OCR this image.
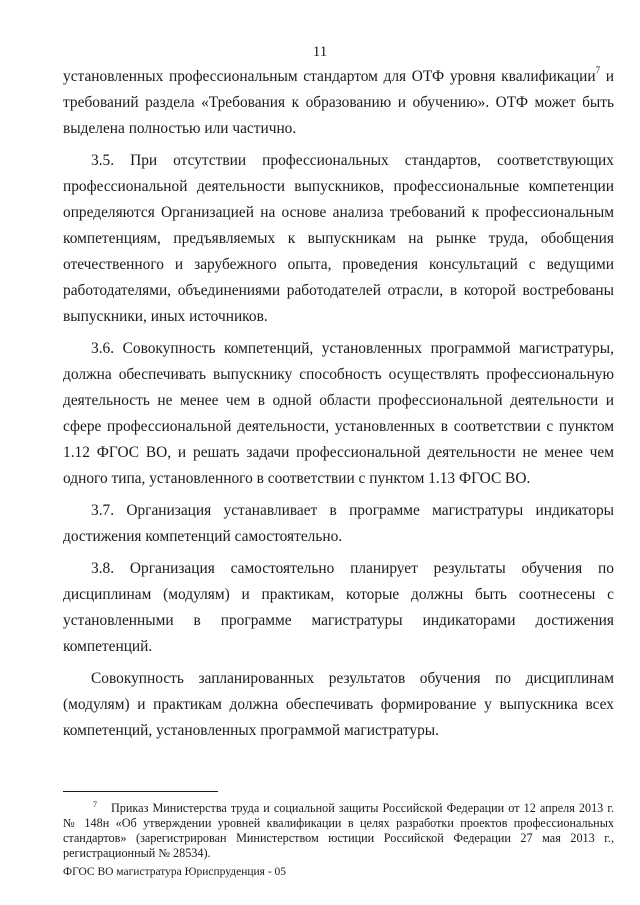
11

установленных профессиональным стандартом для ОТФ уровня квалификации$^7$ и требований раздела «Требования к образованию и обучению». ОТФ может быть выделена полностью или частично.

3.5. При отсутствии профессиональных стандартов, соответствующих профессиональной деятельности выпускников, профессиональные компетенции определяются Организацией на основе анализа требований к профессиональным компетенциям, предъявляемых к выпускникам на рынке труда, обобщения отечественного и зарубежного опыта, проведения консультаций с ведущими работодателями, объединениями работодателей отрасли, в которой востребованы выпускники, иных источников.

3.6. Совокупность компетенций, установленных программой магистратуры, должна обеспечивать выпускнику способность осуществлять профессиональную деятельность не менее чем в одной области профессиональной деятельности и сфере профессиональной деятельности, установленных в соответствии с пунктом 1.12 ФГОС ВО, и решать задачи профессиональной деятельности не менее чем одного типа, установленного в соответствии с пунктом 1.13 ФГОС ВО.

3.7. Организация устанавливает в программе магистратуры индикаторы достижения компетенций самостоятельно.

3.8. Организация самостоятельно планирует результаты обучения по дисциплинам (модулям) и практикам, которые должны быть соотнесены с установленными в программе магистратуры индикаторами достижения компетенций.

Совокупность запланированных результатов обучения по дисциплинам (модулям) и практикам должна обеспечивать формирование у выпускника всех компетенций, установленных программой магистратуры.

$^7$ Приказ Министерства труда и социальной защиты Российской Федерации от 12 апреля 2013 г. № 148н «Об утверждении уровней квалификации в целях разработки проектов профессиональных стандартов» (зарегистрирован Министерством юстиции Российской Федерации 27 мая 2013 г., регистрационный № 28534).
ФГОС ВО магистратура Юриспруденция - 05
